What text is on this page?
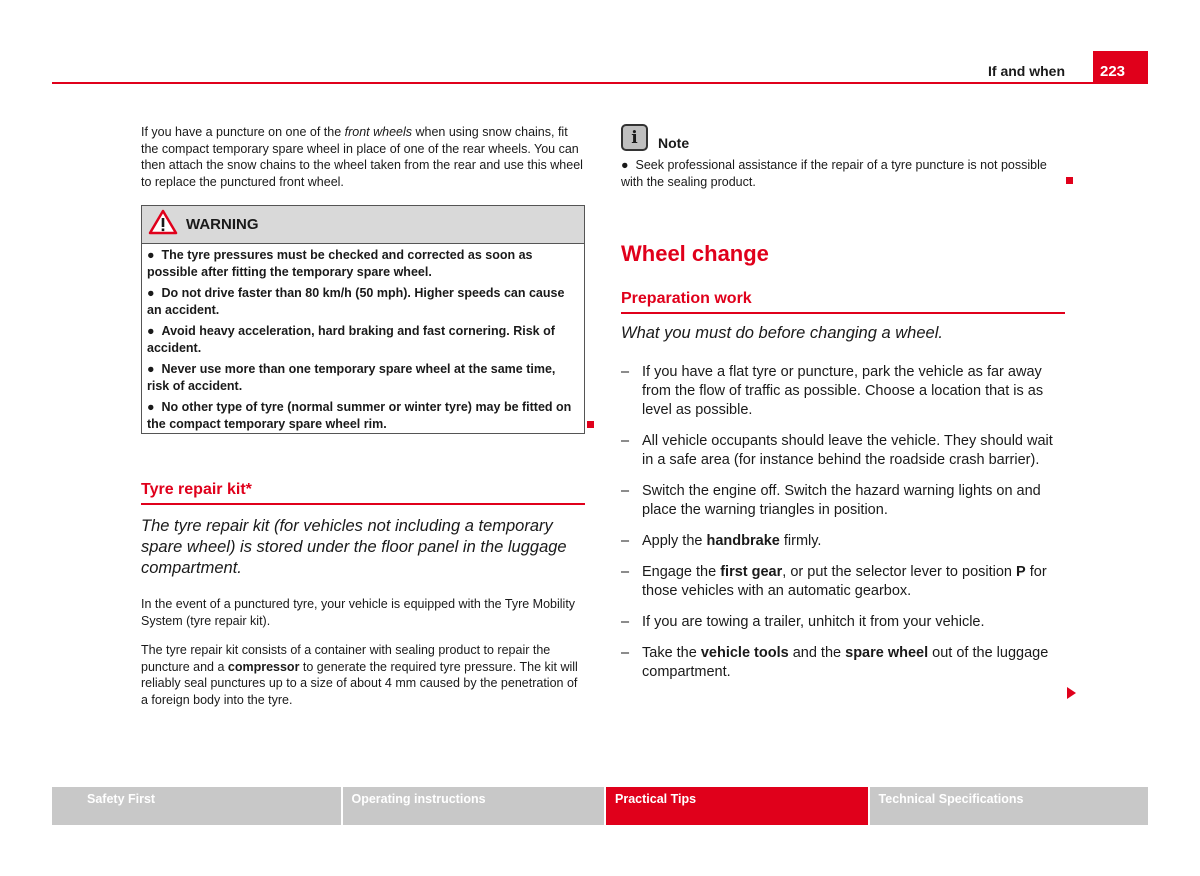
If and when	223

If you have a puncture on one of the front wheels when using snow chains, fit the compact temporary spare wheel in place of one of the rear wheels. You can then attach the snow chains to the wheel taken from the rear and use this wheel to replace the punctured front wheel.

WARNING
●  The tyre pressures must be checked and corrected as soon as possible after fitting the temporary spare wheel.
●  Do not drive faster than 80 km/h (50 mph). Higher speeds can cause an accident.
●  Avoid heavy acceleration, hard braking and fast cornering. Risk of accident.
●  Never use more than one temporary spare wheel at the same time, risk of accident.
●  No other type of tyre (normal summer or winter tyre) may be fitted on the compact temporary spare wheel rim.
Tyre repair kit*

The tyre repair kit (for vehicles not including a temporary spare wheel) is stored under the floor panel in the luggage compartment.

In the event of a punctured tyre, your vehicle is equipped with the Tyre Mobility System (tyre repair kit).

The tyre repair kit consists of a container with sealing product to repair the puncture and a compressor to generate the required tyre pressure. The kit will reliably seal punctures up to a size of about 4 mm caused by the penetration of a foreign body into the tyre.

i	Note

●  Seek professional assistance if the repair of a tyre puncture is not possible with the sealing product.

Wheel change
Preparation work

What you must do before changing a wheel.

– If you have a flat tyre or puncture, park the vehicle as far away from the flow of traffic as possible. Choose a location that is as level as possible.
– All vehicle occupants should leave the vehicle. They should wait in a safe area (for instance behind the roadside crash barrier).
– Switch the engine off. Switch the hazard warning lights on and place the warning triangles in position.
– Apply the handbrake firmly.
– Engage the first gear, or put the selector lever to position P for those vehicles with an automatic gearbox.
– If you are towing a trailer, unhitch it from your vehicle.
– Take the vehicle tools and the spare wheel out of the luggage compartment.
Safety First	Operating instructions	Practical Tips	Technical Specifications
